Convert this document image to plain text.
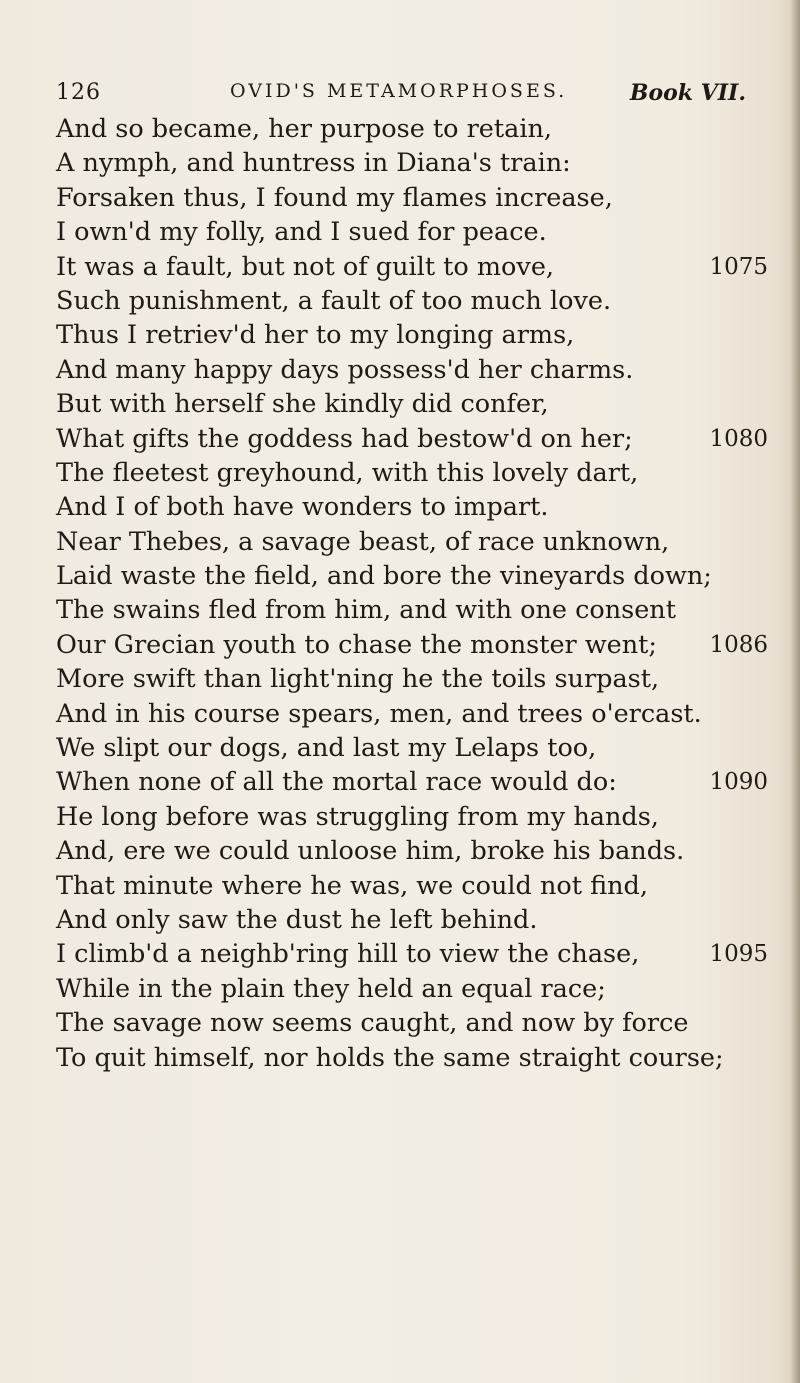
126	OVID'S METAMORPHOSES.	Book VII.
And so became, her purpose to retain,
A nymph, and huntress in Diana's train:
Forsaken thus, I found my flames increase,
I own'd my folly, and I sued for peace.
It was a fault, but not of guilt to move,	1075
Such punishment, a fault of too much love.
Thus I retriev'd her to my longing arms,
And many happy days possess'd her charms.
But with herself she kindly did confer,
What gifts the goddess had bestow'd on her;	1080
The fleetest greyhound, with this lovely dart,
And I of both have wonders to impart.
Near Thebes, a savage beast, of race unknown,
Laid waste the field, and bore the vineyards down;
The swains fled from him, and with one consent
Our Grecian youth to chase the monster went; 1086
More swift than light'ning he the toils surpast,
And in his course spears, men, and trees o'ercast.
We slipt our dogs, and last my Lelaps too,
When none of all the mortal race would do:	1090
He long before was struggling from my hands,
And, ere we could unloose him, broke his bands.
That minute where he was, we could not find,
And only saw the dust he left behind.
I climb'd a neighb'ring hill to view the chase,	1095
While in the plain they held an equal race;
The savage now seems caught, and now by force
To quit himself, nor holds the same straight course;
